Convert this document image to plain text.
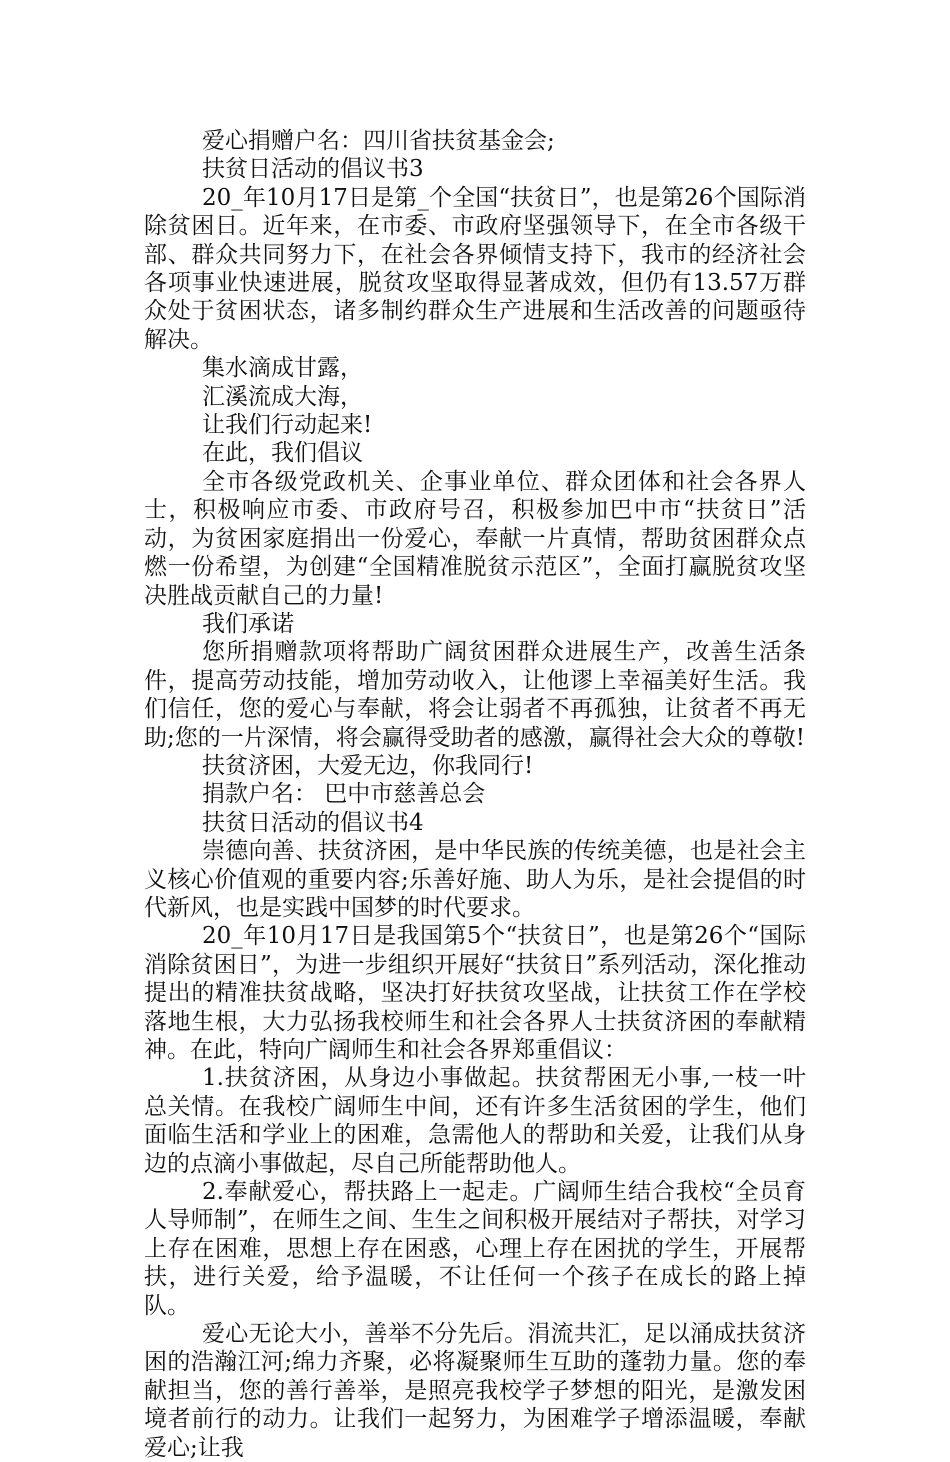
爱心捐赠户名：四川省扶贫基金会;

扶贫日活动的倡议书3

20_年10月17日是第_个全国“扶贫日”，也是第26个国际消除贫困日。近年来，在市委、市政府坚强领导下，在全市各级干部、群众共同努力下，在社会各界倾情支持下，我市的经济社会各项事业快速进展，脱贫攻坚取得显著成效，但仍有13.57万群众处于贫困状态，诸多制约群众生产进展和生活改善的问题亟待解决。

集水滴成甘露，

汇溪流成大海，

让我们行动起来!

在此，我们倡议

全市各级党政机关、企事业单位、群众团体和社会各界人士，积极响应市委、市政府号召，积极参加巴中市“扶贫日”活动，为贫困家庭捐出一份爱心，奉献一片真情，帮助贫困群众点燃一份希望，为创建“全国精准脱贫示范区”，全面打赢脱贫攻坚决胜战贡献自己的力量!

我们承诺

您所捐赠款项将帮助广阔贫困群众进展生产，改善生活条件，提高劳动技能，增加劳动收入，让他谬上幸福美好生活。我们信任，您的爱心与奉献，将会让弱者不再孤独，让贫者不再无助;您的一片深情，将会赢得受助者的感激，赢得社会大众的尊敬!

扶贫济困，大爱无边，你我同行!

捐款户名： 巴中市慈善总会

扶贫日活动的倡议书4

崇德向善、扶贫济困，是中华民族的传统美德，也是社会主义核心价值观的重要内容;乐善好施、助人为乐，是社会提倡的时代新风，也是实践中国梦的时代要求。

20_年10月17日是我国第5个“扶贫日”，也是第26个“国际消除贫困日”，为进一步组织开展好“扶贫日”系列活动，深化推动提出的精准扶贫战略，坚决打好扶贫攻坚战，让扶贫工作在学校落地生根，大力弘扬我校师生和社会各界人士扶贫济困的奉献精神。在此，特向广阔师生和社会各界郑重倡议：

1.扶贫济困，从身边小事做起。扶贫帮困无小事,一枝一叶总关情。在我校广阔师生中间，还有许多生活贫困的学生，他们面临生活和学业上的困难，急需他人的帮助和关爱，让我们从身边的点滴小事做起，尽自己所能帮助他人。

2.奉献爱心，帮扶路上一起走。广阔师生结合我校“全员育人导师制”，在师生之间、生生之间积极开展结对子帮扶，对学习上存在困难，思想上存在困惑，心理上存在困扰的学生，开展帮扶，进行关爱，给予温暖，不让任何一个孩子在成长的路上掉队。

爱心无论大小，善举不分先后。涓流共汇，足以涌成扶贫济困的浩瀚江河;绵力齐聚，必将凝聚师生互助的蓬勃力量。您的奉献担当，您的善行善举，是照亮我校学子梦想的阳光，是激发困境者前行的动力。让我们一起努力，为困难学子增添温暖，奉献爱心;让我
